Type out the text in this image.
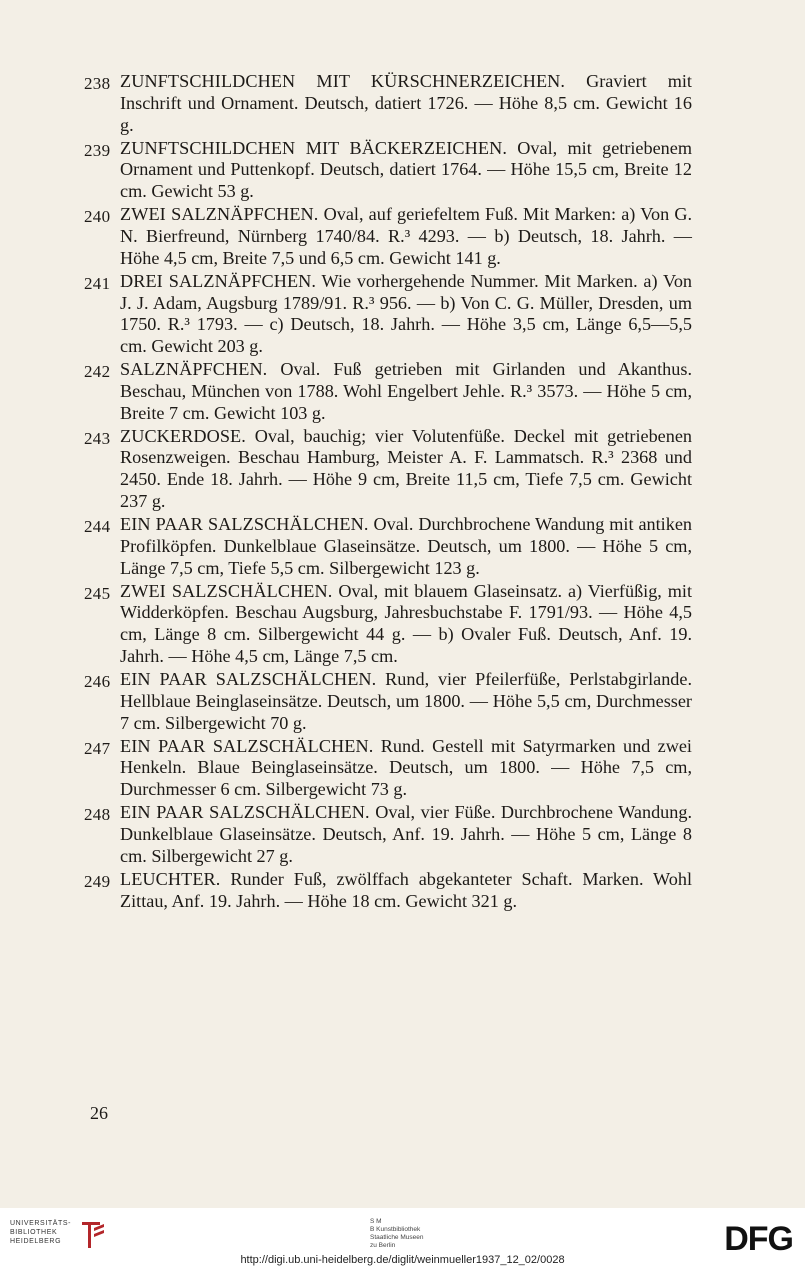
238 ZUNFTSCHILDCHEN MIT KÜRSCHNERZEICHEN. Graviert mit Inschrift und Ornament. Deutsch, datiert 1726. — Höhe 8,5 cm. Gewicht 16 g.
239 ZUNFTSCHILDCHEN MIT BÄCKERZEICHEN. Oval, mit getriebenem Ornament und Puttenkopf. Deutsch, datiert 1764. — Höhe 15,5 cm, Breite 12 cm. Gewicht 53 g.
240 ZWEI SALZNÄPFCHEN. Oval, auf geriefeltem Fuß. Mit Marken: a) Von G. N. Bierfreund, Nürnberg 1740/84. R.³ 4293. — b) Deutsch, 18. Jahrh. — Höhe 4,5 cm, Breite 7,5 und 6,5 cm. Gewicht 141 g.
241 DREI SALZNÄPFCHEN. Wie vorhergehende Nummer. Mit Marken. a) Von J. J. Adam, Augsburg 1789/91. R.³ 956. — b) Von C. G. Müller, Dresden, um 1750. R.³ 1793. — c) Deutsch, 18. Jahrh. — Höhe 3,5 cm, Länge 6,5—5,5 cm. Gewicht 203 g.
242 SALZNÄPFCHEN. Oval. Fuß getrieben mit Girlanden und Akanthus. Beschau, München von 1788. Wohl Engelbert Jehle. R.³ 3573. — Höhe 5 cm, Breite 7 cm. Gewicht 103 g.
243 ZUCKERDOSE. Oval, bauchig; vier Volutenfüße. Deckel mit getriebenen Rosenzweigen. Beschau Hamburg, Meister A. F. Lammatsch. R.³ 2368 und 2450. Ende 18. Jahrh. — Höhe 9 cm, Breite 11,5 cm, Tiefe 7,5 cm. Gewicht 237 g.
244 EIN PAAR SALZSCHÄLCHEN. Oval. Durchbrochene Wandung mit antiken Profilköpfen. Dunkelblaue Glaseinsätze. Deutsch, um 1800. — Höhe 5 cm, Länge 7,5 cm, Tiefe 5,5 cm. Silbergewicht 123 g.
245 ZWEI SALZSCHÄLCHEN. Oval, mit blauem Glaseinsatz. a) Vierfüßig, mit Widderköpfen. Beschau Augsburg, Jahresbuchstabe F. 1791/93. — Höhe 4,5 cm, Länge 8 cm. Silbergewicht 44 g. — b) Ovaler Fuß. Deutsch, Anf. 19. Jahrh. — Höhe 4,5 cm, Länge 7,5 cm.
246 EIN PAAR SALZSCHÄLCHEN. Rund, vier Pfeilerfüße, Perlstabgirlande. Hellblaue Beinglaseinsätze. Deutsch, um 1800. — Höhe 5,5 cm, Durchmesser 7 cm. Silbergewicht 70 g.
247 EIN PAAR SALZSCHÄLCHEN. Rund. Gestell mit Satyrmarken und zwei Henkeln. Blaue Beinglaseinsätze. Deutsch, um 1800. — Höhe 7,5 cm, Durchmesser 6 cm. Silbergewicht 73 g.
248 EIN PAAR SALZSCHÄLCHEN. Oval, vier Füße. Durchbrochene Wandung. Dunkelblaue Glaseinsätze. Deutsch, Anf. 19. Jahrh. — Höhe 5 cm, Länge 8 cm. Silbergewicht 27 g.
249 LEUCHTER. Runder Fuß, zwölffach abgekanteter Schaft. Marken. Wohl Zittau, Anf. 19. Jahrh. — Höhe 18 cm. Gewicht 321 g.
26
UNIVERSITÄTS-
BIBLIOTHEK
HEIDELBERG
S M
B Kunstbibliothek
Staatliche Museen
zu Berlin	DFG
http://digi.ub.uni-heidelberg.de/diglit/weinmueller1937_12_02/0028
